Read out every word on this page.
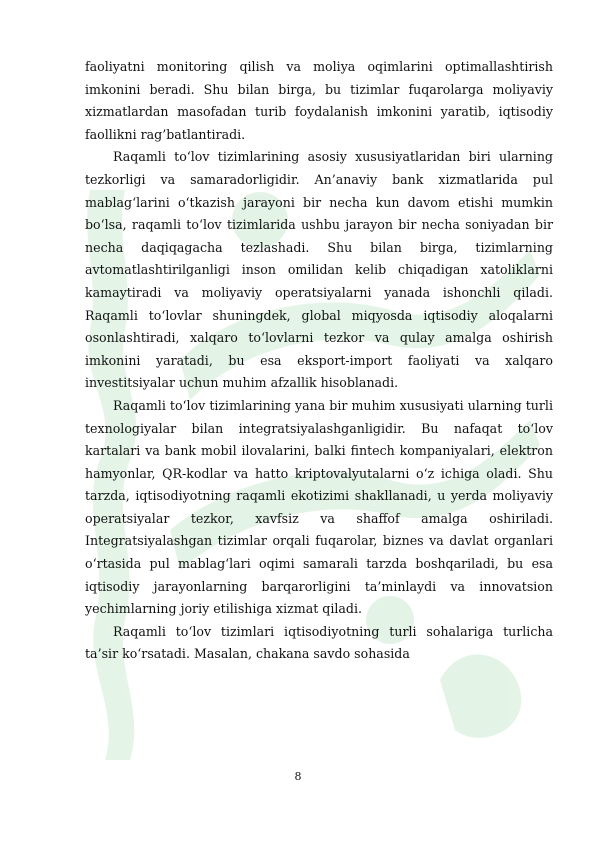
faoliyatni monitoring qilish va moliya oqimlarini optimallashtirish imkonini beradi. Shu bilan birga, bu tizimlar fuqarolarga moliyaviy xizmatlardan masofadan turib foydalanish imkonini yaratib, iqtisodiy faollikni rag’batlantiradi.

Raqamli to‘lov tizimlarining asosiy xususiyatlaridan biri ularning tezkorligi va samaradorligidir. An’anaviy bank xizmatlarida pul mablag‘larini o‘tkazish jarayoni bir necha kun davom etishi mumkin bo‘lsa, raqamli to‘lov tizimlarida ushbu jarayon bir necha soniyadan bir necha daqiqagacha tezlashadi. Shu bilan birga, tizimlarning avtomatlashtirilganligi inson omilidan kelib chiqadigan xatoliklarni kamaytiradi va moliyaviy operatsiyalarni yanada ishonchli qiladi. Raqamli to‘lovlar shuningdek, global miqyosda iqtisodiy aloqalarni osonlashtiradi, xalqaro to‘lovlarni tezkor va qulay amalga oshirish imkonini yaratadi, bu esa eksport-import faoliyati va xalqaro investitsiyalar uchun muhim afzallik hisoblanadi.

Raqamli to‘lov tizimlarining yana bir muhim xususiyati ularning turli texnologiyalar bilan integratsiyalashganligidir. Bu nafaqat to‘lov kartalari va bank mobil ilovalarini, balki fintech kompaniyalari, elektron hamyonlar, QR-kodlar va hatto kriptovalyutalarni o‘z ichiga oladi. Shu tarzda, iqtisodiyotning raqamli ekotizimi shakllanadi, u yerda moliyaviy operatsiyalar tezkor, xavfsiz va shaffof amalga oshiriladi. Integratsiyalashgan tizimlar orqali fuqarolar, biznes va davlat organlari o‘rtasida pul mablag‘lari oqimi samarali tarzda boshqariladi, bu esa iqtisodiy jarayonlarning barqarorligini ta’minlaydi va innovatsion yechimlarning joriy etilishiga xizmat qiladi.

Raqamli to‘lov tizimlari iqtisodiyotning turli sohalariga turlicha ta’sir ko‘rsatadi. Masalan, chakana savdo sohasida

8
